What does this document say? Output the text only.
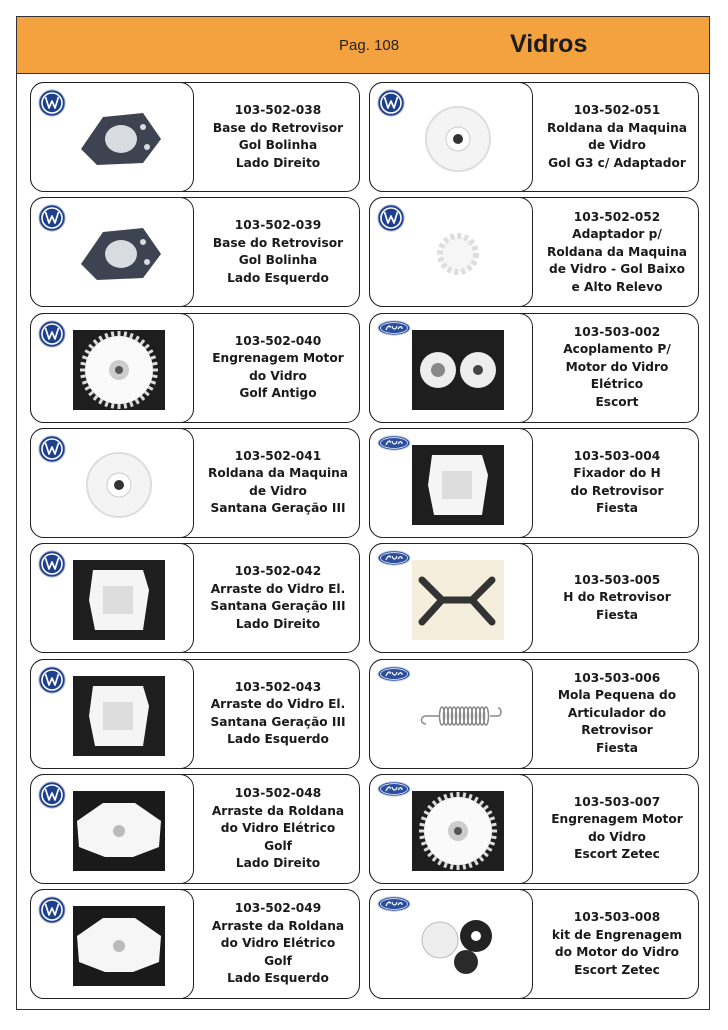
Pag. 108	Vidros
103-502-038
Base do Retrovisor
Gol Bolinha
Lado Direito
103-502-039
Base do Retrovisor
Gol Bolinha
Lado Esquerdo
103-502-040
Engrenagem Motor
do Vidro
Golf Antigo
103-502-041
Roldana da Maquina
de Vidro
Santana Geração III
103-502-042
Arraste do Vidro El.
Santana Geração III
Lado Direito
103-502-043
Arraste do Vidro El.
Santana Geração III
Lado Esquerdo
103-502-048
Arraste da Roldana
do Vidro Elétrico
Golf
Lado Direito
103-502-049
Arraste da Roldana
do Vidro Elétrico
Golf
Lado Esquerdo
103-502-051
Roldana da Maquina
de Vidro
Gol G3 c/ Adaptador
103-502-052
Adaptador p/
Roldana da Maquina
de Vidro - Gol Baixo
e Alto Relevo
103-503-002
Acoplamento P/
Motor do Vidro
Elétrico
Escort
103-503-004
Fixador do H
do Retrovisor
Fiesta
103-503-005
H do Retrovisor
Fiesta
103-503-006
Mola Pequena do
Articulador do
Retrovisor
Fiesta
103-503-007
Engrenagem Motor
do Vidro
Escort Zetec
103-503-008
kit de Engrenagem
do Motor do Vidro
Escort Zetec
